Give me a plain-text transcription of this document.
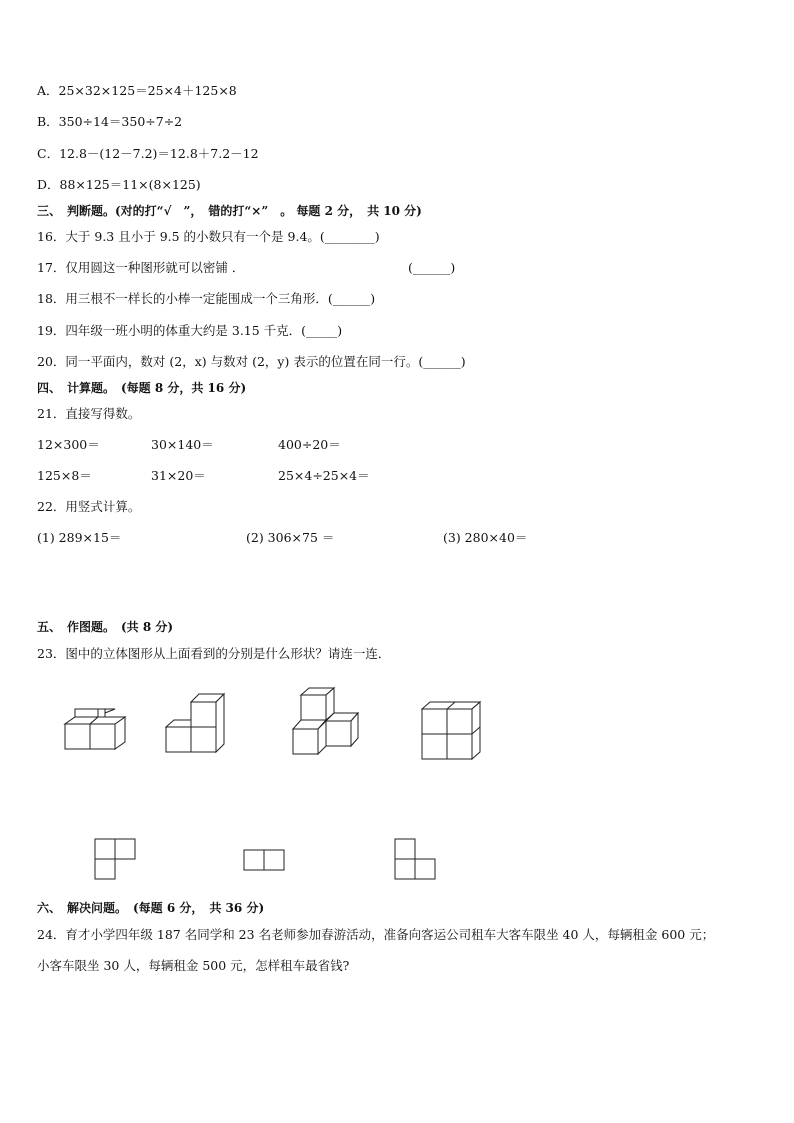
A．25×32×125＝25×4＋125×8
B．350÷14＝350÷7÷2
C．12.8－(12－7.2)＝12.8＋7.2－12
D．88×125＝11×(8×125)
三、　判断题。(对的打“√　”，　错的打“×”　。 每题 2 分，　共 10 分)
16．大于 9.3 且小于 9.5 的小数只有一个是 9.4。(________)
17．仅用圆这一种图形就可以密铺 ．	(______)
18．用三根不一样长的小棒一定能围成一个三角形．(______)
19．四年级一班小明的体重大约是 3.15 千克．(_____)
20．同一平面内，数对 (2，x) 与数对 (2，y) 表示的位置在同一行。(______)
四、　计算题。　(每题 8 分，共 16 分)
21．直接写得数。
12×300＝	30×140＝	400÷20＝
125×8＝	31×20＝	25×4÷25×4＝
22．用竖式计算。
(1) 289×15＝	(2) 306×75 ＝	(3) 280×40＝
五、　作图题。　(共 8 分)
23．图中的立体图形从上面看到的分别是什么形状？请连一连．
六、　解决问题。　(每题 6 分，　共 36 分)
24．育才小学四年级 187 名同学和 23 名老师参加春游活动，准备向客运公司租车大客车限坐 40 人，每辆租金 600 元；
小客车限坐 30 人，每辆租金 500 元，怎样租车最省钱?
